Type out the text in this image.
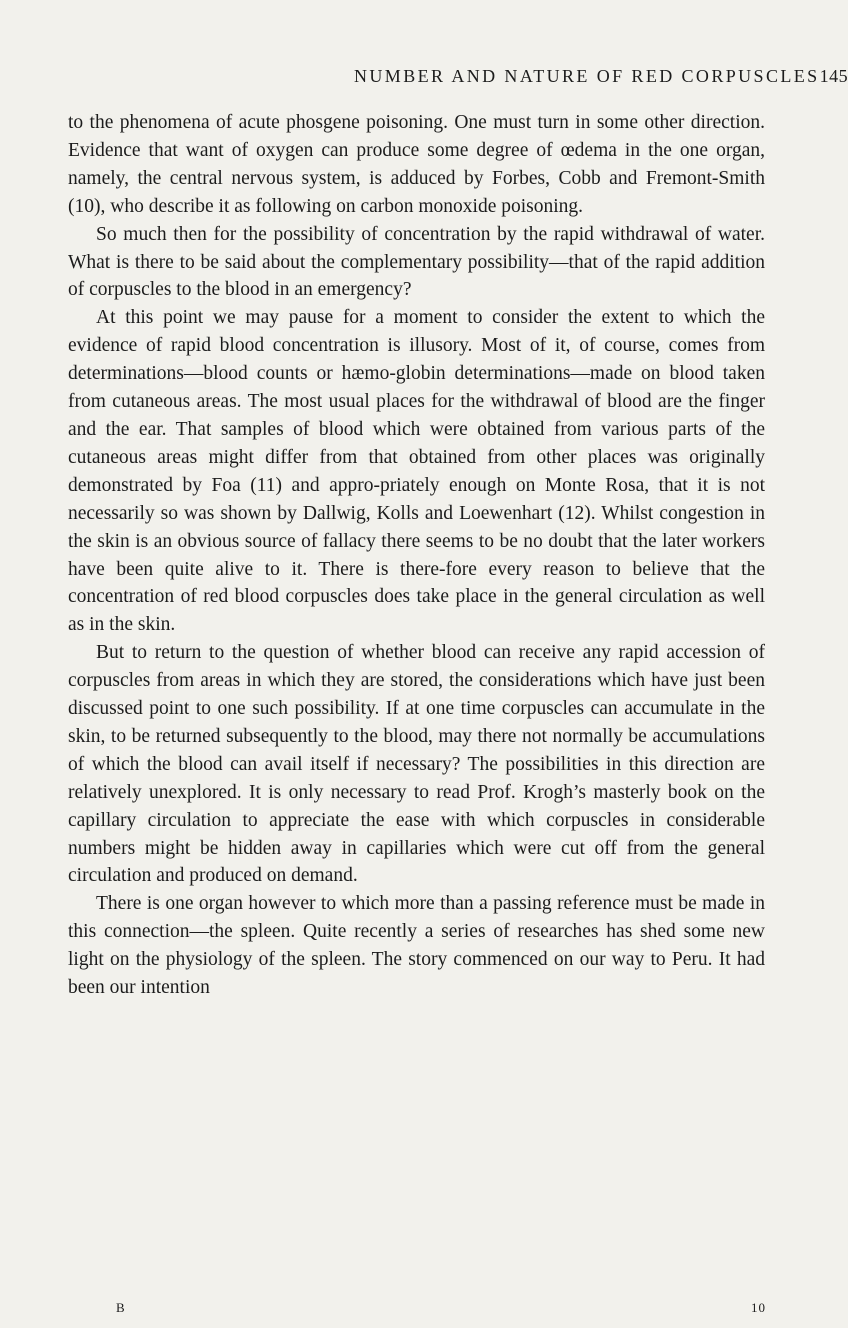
NUMBER AND NATURE OF RED CORPUSCLES 145

to the phenomena of acute phosgene poisoning. One must turn in some other direction. Evidence that want of oxygen can produce some degree of œdema in the one organ, namely, the central nervous system, is adduced by Forbes, Cobb and Fremont-Smith (10), who describe it as following on carbon monoxide poisoning.

So much then for the possibility of concentration by the rapid withdrawal of water. What is there to be said about the complementary possibility—that of the rapid addition of corpuscles to the blood in an emergency?

At this point we may pause for a moment to consider the extent to which the evidence of rapid blood concentration is illusory. Most of it, of course, comes from determinations—blood counts or hæmo-globin determinations—made on blood taken from cutaneous areas. The most usual places for the withdrawal of blood are the finger and the ear. That samples of blood which were obtained from various parts of the cutaneous areas might differ from that obtained from other places was originally demonstrated by Foa (11) and appro-priately enough on Monte Rosa, that it is not necessarily so was shown by Dallwig, Kolls and Loewenhart (12). Whilst congestion in the skin is an obvious source of fallacy there seems to be no doubt that the later workers have been quite alive to it. There is there-fore every reason to believe that the concentration of red blood corpuscles does take place in the general circulation as well as in the skin.

But to return to the question of whether blood can receive any rapid accession of corpuscles from areas in which they are stored, the considerations which have just been discussed point to one such possibility. If at one time corpuscles can accumulate in the skin, to be returned subsequently to the blood, may there not normally be accumulations of which the blood can avail itself if necessary? The possibilities in this direction are relatively unexplored. It is only necessary to read Prof. Krogh’s masterly book on the capillary circulation to appreciate the ease with which corpuscles in considerable numbers might be hidden away in capillaries which were cut off from the general circulation and produced on demand.

There is one organ however to which more than a passing reference must be made in this connection—the spleen. Quite recently a series of researches has shed some new light on the physiology of the spleen. The story commenced on our way to Peru. It had been our intention

B	10
